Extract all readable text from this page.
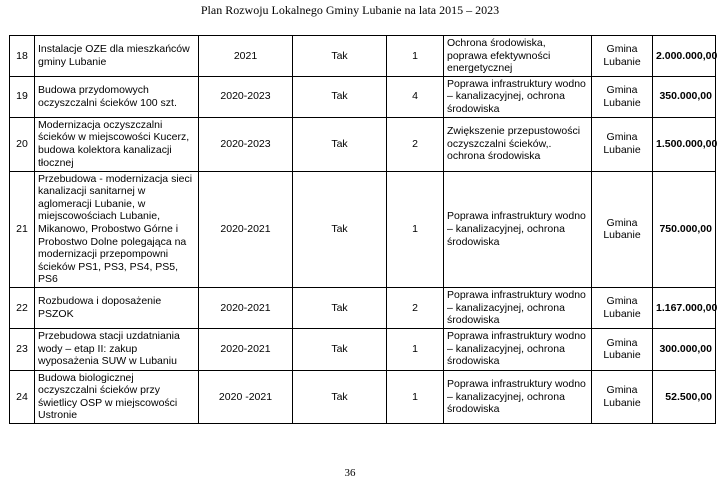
Plan Rozwoju Lokalnego Gminy Lubanie na lata 2015 – 2023
18	Instalacje OZE dla mieszkańców gminy Lubanie	2021	Tak	1	Ochrona środowiska, poprawa efektywności energetycznej	Gmina Lubanie	2.000.000,00
19	Budowa przydomowych oczyszczalni ścieków 100 szt.	2020-2023	Tak	4	Poprawa infrastruktury wodno – kanalizacyjnej, ochrona środowiska	Gmina Lubanie	350.000,00
20	Modernizacja oczyszczalni ścieków w miejscowości Kucerz, budowa kolektora kanalizacji tłocznej	2020-2023	Tak	2	Zwiększenie przepustowości oczyszczalni ścieków,. ochrona środowiska	Gmina Lubanie	1.500.000,00
21	Przebudowa - modernizacja sieci kanalizacji sanitarnej w aglomeracji Lubanie, w miejscowościach Lubanie, Mikanowo, Probostwo Górne i Probostwo Dolne polegająca na modernizacji przepompowni ścieków PS1, PS3, PS4, PS5, PS6	2020-2021	Tak	1	Poprawa infrastruktury wodno – kanalizacyjnej, ochrona środowiska	Gmina Lubanie	750.000,00
22	Rozbudowa i doposażenie PSZOK	2020-2021	Tak	2	Poprawa infrastruktury wodno – kanalizacyjnej, ochrona środowiska	Gmina Lubanie	1.167.000,00
23	Przebudowa stacji uzdatniania wody – etap II: zakup wyposażenia SUW w Lubaniu	2020-2021	Tak	1	Poprawa infrastruktury wodno – kanalizacyjnej, ochrona środowiska	Gmina Lubanie	300.000,00
24	Budowa biologicznej oczyszczalni ścieków przy świetlicy OSP w miejscowości Ustronie	2020 -2021	Tak	1	Poprawa infrastruktury wodno – kanalizacyjnej, ochrona środowiska	Gmina Lubanie	52.500,00
36
